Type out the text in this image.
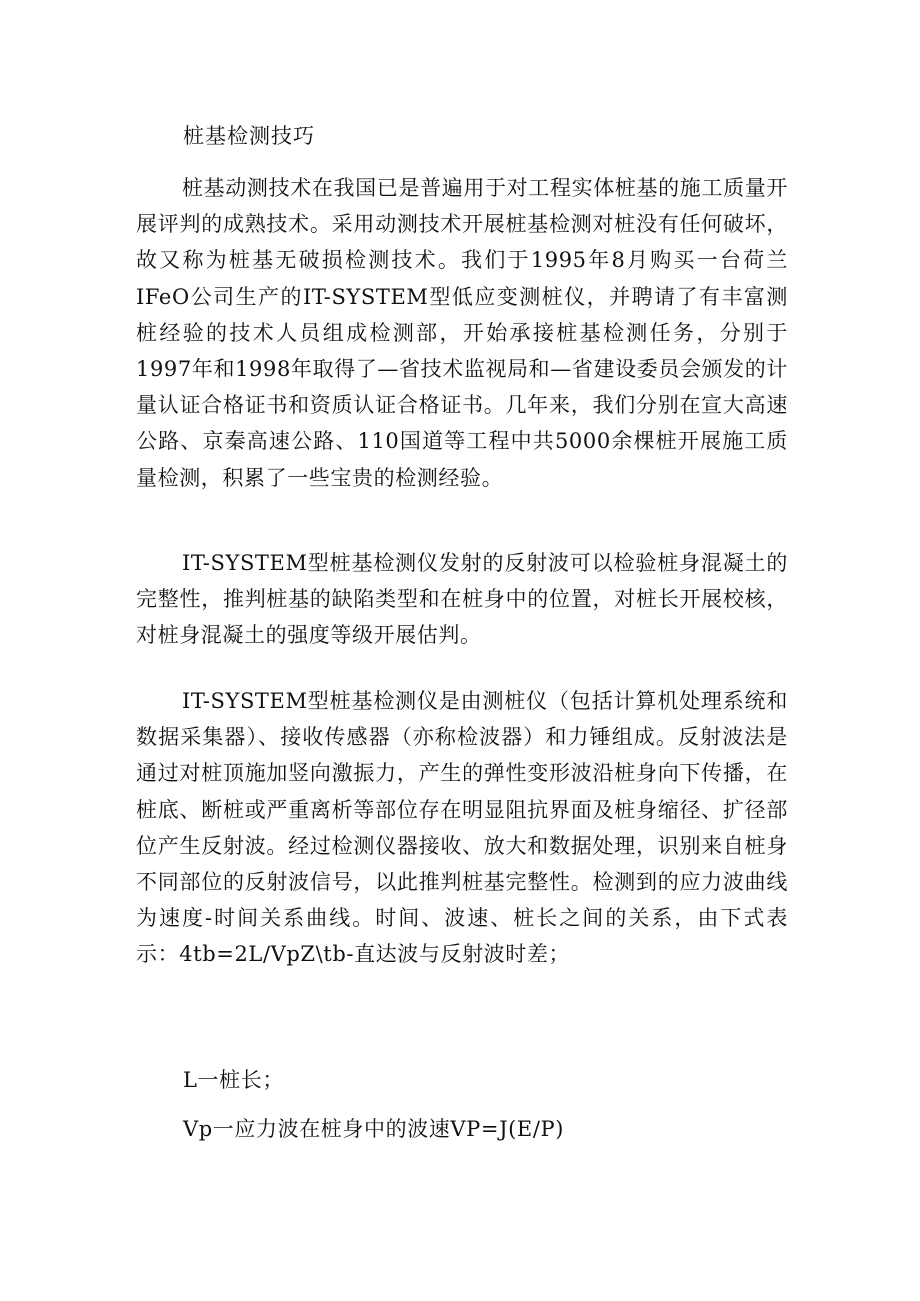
桩基检测技巧

桩基动测技术在我国已是普遍用于对工程实体桩基的施工质量开展评判的成熟技术。采用动测技术开展桩基检测对桩没有任何破坏，故又称为桩基无破损检测技术。我们于1995年8月购买一台荷兰IFeO公司生产的IT-SYSTEM型低应变测桩仪，并聘请了有丰富测桩经验的技术人员组成检测部，开始承接桩基检测任务，分别于1997年和1998年取得了—省技术监视局和—省建设委员会颁发的计量认证合格证书和资质认证合格证书。几年来，我们分别在宣大高速公路、京秦高速公路、110国道等工程中共5000余棵桩开展施工质量检测，积累了一些宝贵的检测经验。

IT-SYSTEM型桩基检测仪发射的反射波可以检验桩身混凝土的完整性，推判桩基的缺陷类型和在桩身中的位置，对桩长开展校核，对桩身混凝土的强度等级开展估判。

IT-SYSTEM型桩基检测仪是由测桩仪（包括计算机处理系统和数据采集器）、接收传感器（亦称检波器）和力锤组成。反射波法是通过对桩顶施加竖向激振力，产生的弹性变形波沿桩身向下传播，在桩底、断桩或严重离析等部位存在明显阻抗界面及桩身缩径、扩径部位产生反射波。经过检测仪器接收、放大和数据处理，识别来自桩身不同部位的反射波信号，以此推判桩基完整性。检测到的应力波曲线为速度-时间关系曲线。时间、波速、桩长之间的关系，由下式表示：4tb=2L∕VpZ\tb-直达波与反射波时差；

L一桩长；

Vp一应力波在桩身中的波速VP=J(E∕P)
